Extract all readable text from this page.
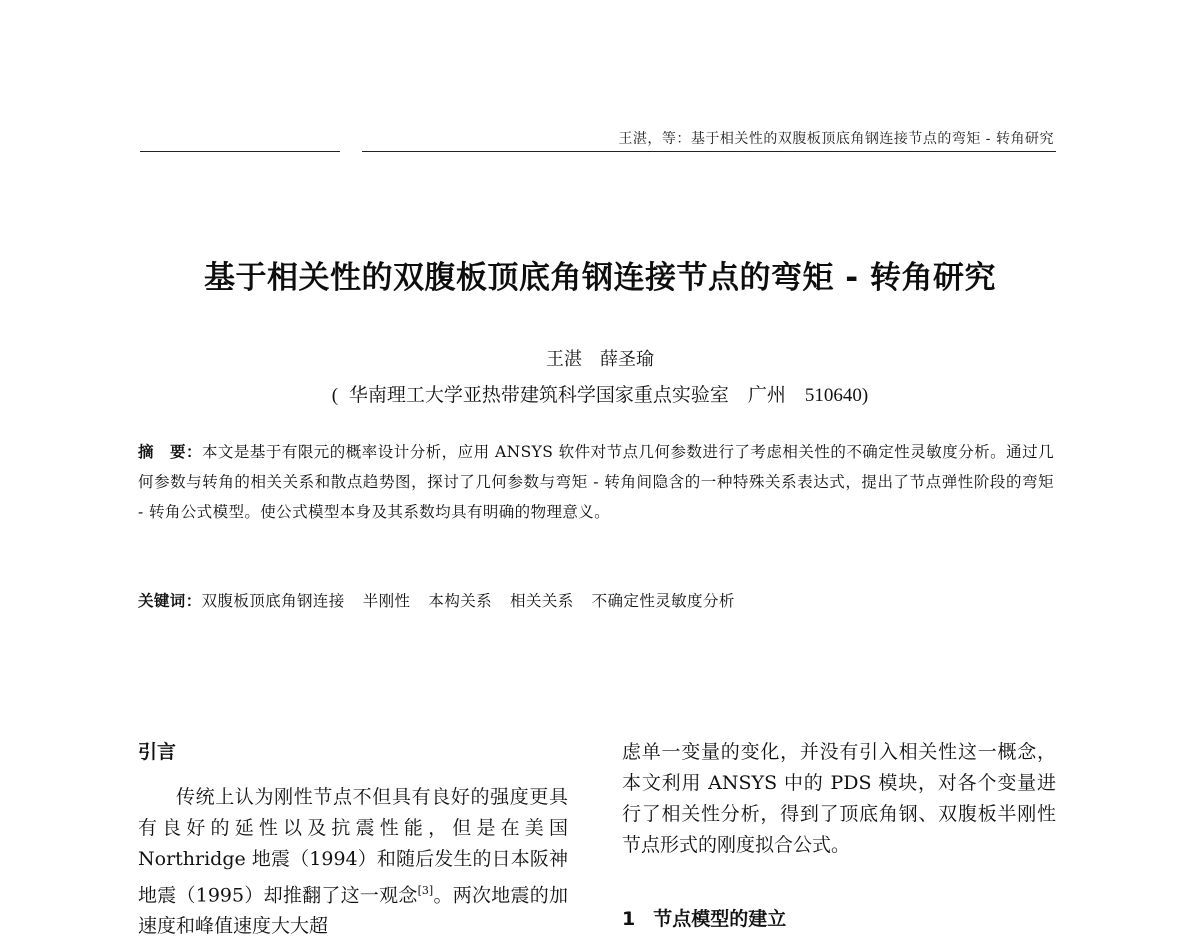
王湛，等：基于相关性的双腹板顶底角钢连接节点的弯矩 - 转角研究
基于相关性的双腹板顶底角钢连接节点的弯矩 - 转角研究
王湛　薛圣瑜
( 华南理工大学亚热带建筑科学国家重点实验室　广州　510640)
摘　要：本文是基于有限元的概率设计分析，应用 ANSYS 软件对节点几何参数进行了考虑相关性的不确定性灵敏度分析。通过几何参数与转角的相关关系和散点趋势图，探讨了几何参数与弯矩 - 转角间隐含的一种特殊关系表达式，提出了节点弹性阶段的弯矩 - 转角公式模型。使公式模型本身及其系数均具有明确的物理意义。
关键词：双腹板顶底角钢连接 半刚性 本构关系 相关关系 不确定性灵敏度分析
引言

传统上认为刚性节点不但具有良好的强度更具有良好的延性以及抗震性能，但是在美国 Northridge 地震（1994）和随后发生的日本阪神地震（1995）却推翻了这一观念[3]。两次地震的加速度和峰值速度大大超

虑单一变量的变化，并没有引入相关性这一概念，本文利用 ANSYS 中的 PDS 模块，对各个变量进行了相关性分析，得到了顶底角钢、双腹板半刚性节点形式的刚度拟合公式。

1 节点模型的建立
